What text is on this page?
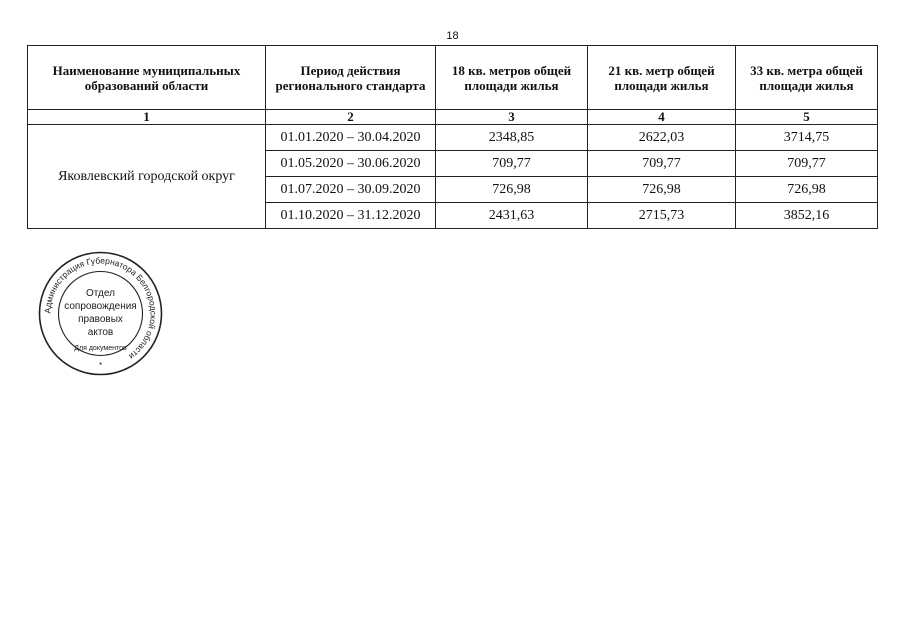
18
Наименование муниципальных образований области	Период действия регионального стандарта	18 кв. метров общей площади жилья	21 кв. метр общей площади жилья	33 кв. метра общей площади жилья
1	2	3	4	5
Яковлевский городской округ	01.01.2020 – 30.04.2020	2348,85	2622,03	3714,75
	01.05.2020 – 30.06.2020	709,77	709,77	709,77
	01.07.2020 – 30.09.2020	726,98	726,98	726,98
	01.10.2020 – 31.12.2020	2431,63	2715,73	3852,16
Администрация Губернатора Белгородской области
Отдел
сопровождения
правовых
актов
Для документов
*
